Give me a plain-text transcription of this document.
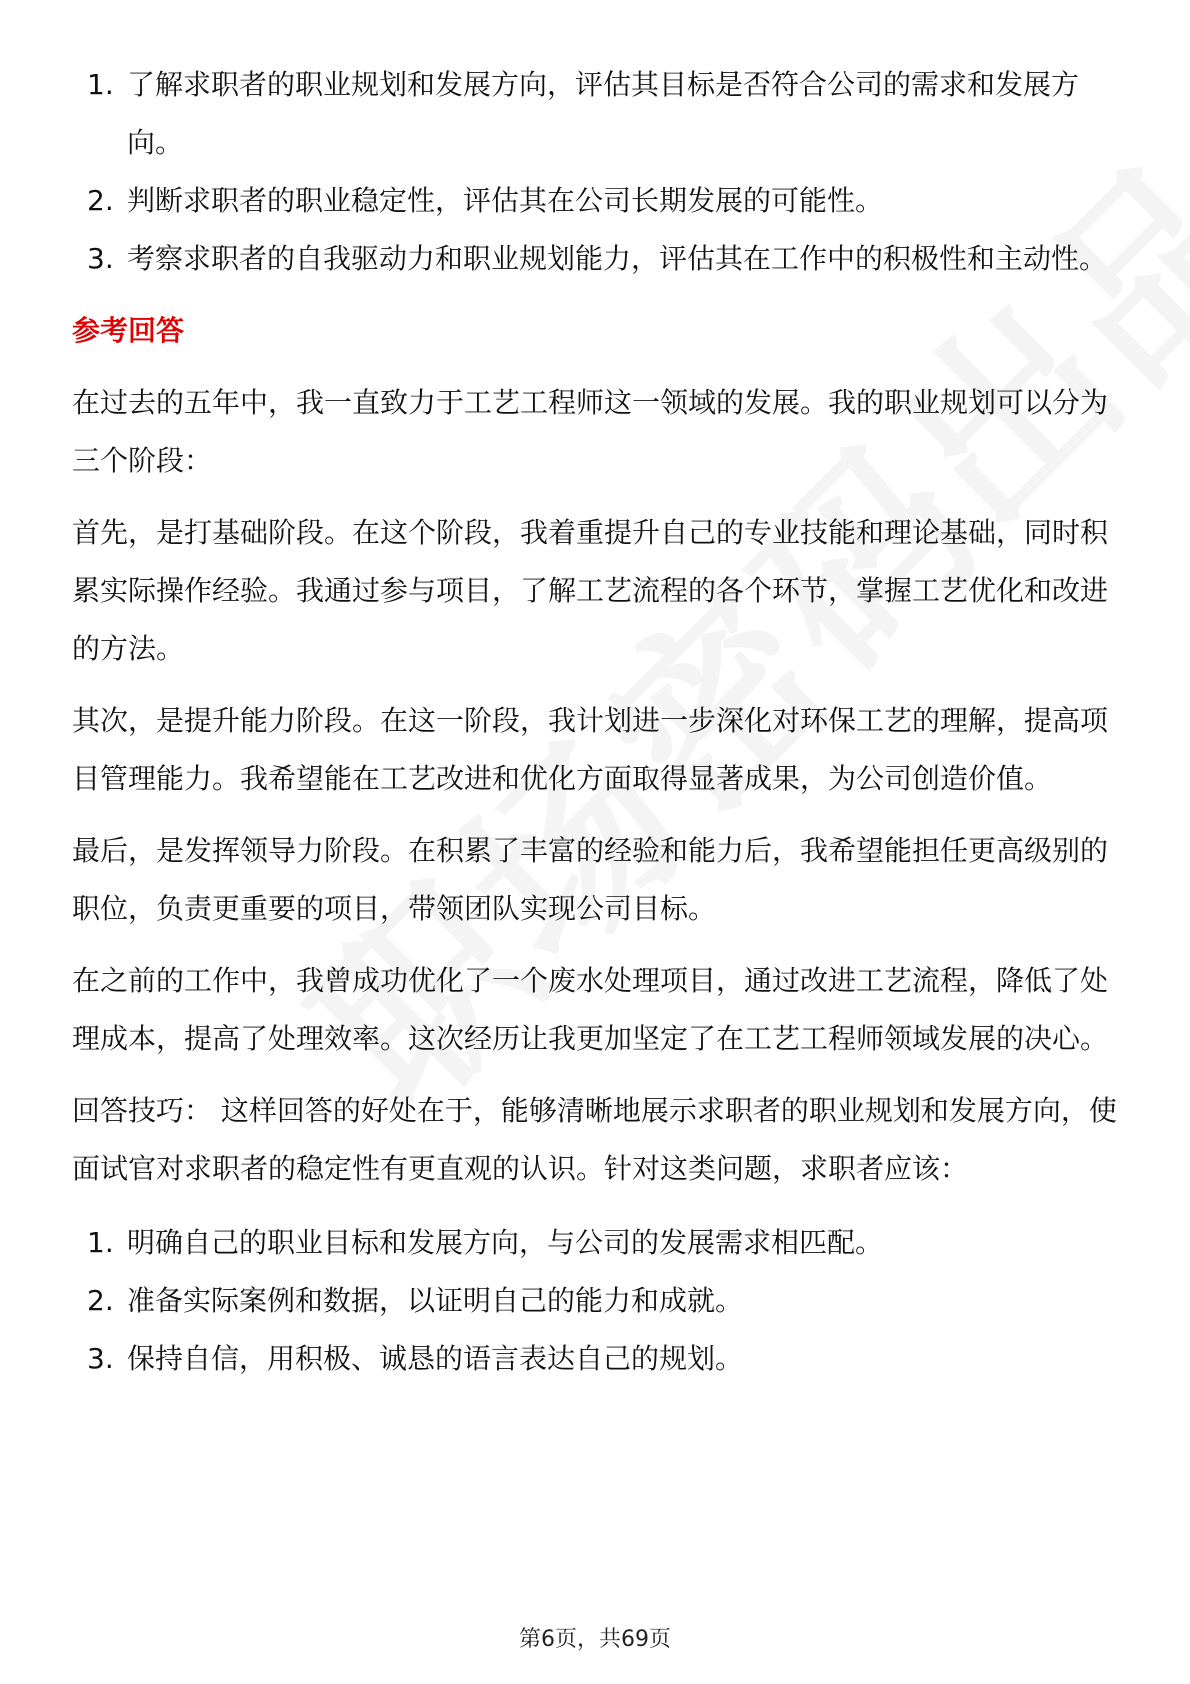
1. 了解求职者的职业规划和发展方向，评估其目标是否符合公司的需求和发展方向。
2. 判断求职者的职业稳定性，评估其在公司长期发展的可能性。
3. 考察求职者的自我驱动力和职业规划能力，评估其在工作中的积极性和主动性。
参考回答

在过去的五年中，我一直致力于工艺工程师这一领域的发展。我的职业规划可以分为三个阶段：

首先，是打基础阶段。在这个阶段，我着重提升自己的专业技能和理论基础，同时积累实际操作经验。我通过参与项目，了解工艺流程的各个环节，掌握工艺优化和改进的方法。

其次，是提升能力阶段。在这一阶段，我计划进一步深化对环保工艺的理解，提高项目管理能力。我希望能在工艺改进和优化方面取得显著成果，为公司创造价值。

最后，是发挥领导力阶段。在积累了丰富的经验和能力后，我希望能担任更高级别的职位，负责更重要的项目，带领团队实现公司目标。

在之前的工作中，我曾成功优化了一个废水处理项目，通过改进工艺流程，降低了处理成本，提高了处理效率。这次经历让我更加坚定了在工艺工程师领域发展的决心。

回答技巧： 这样回答的好处在于，能够清晰地展示求职者的职业规划和发展方向，使面试官对求职者的稳定性有更直观的认识。针对这类问题，求职者应该：

1. 明确自己的职业目标和发展方向，与公司的发展需求相匹配。
2. 准备实际案例和数据，以证明自己的能力和成就。
3. 保持自信，用积极、诚恳的语言表达自己的规划。
第6页，共69页
